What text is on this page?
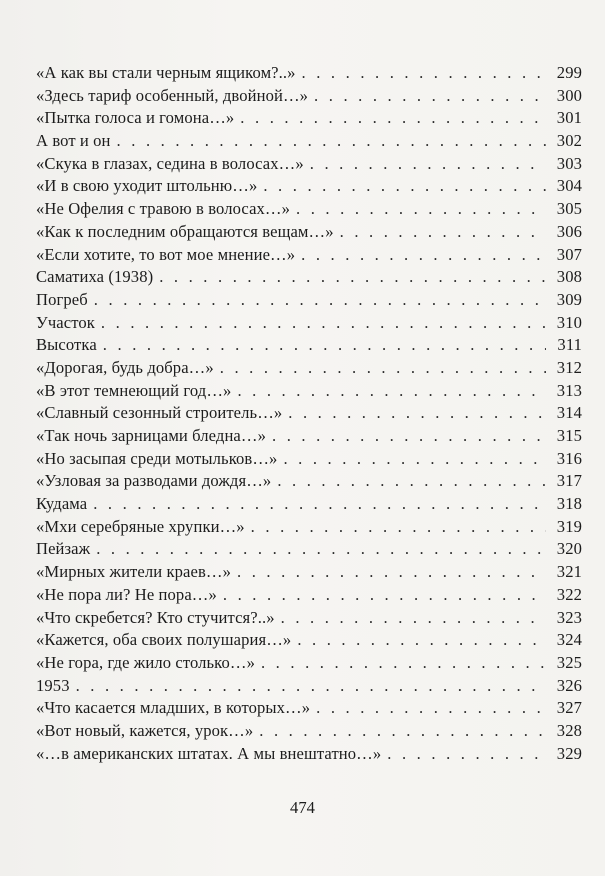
«А как вы стали черным ящиком?..» . . .	299
«Здесь тариф особенный, двойной…» . . .	300
«Пытка голоса и гомона…» . . .	301
А вот и он . . .	302
«Скука в глазах, седина в волосах…» . . .	303
«И в свою уходит штольню…» . . .	304
«Не Офелия с травою в волосах…» . . .	305
«Как к последним обращаются вещам…» . . .	306
«Если хотите, то вот мое мнение…» . . .	307
Саматиха (1938) . . .	308
Погреб . . .	309
Участок . . .	310
Высотка . . .	311
«Дорогая, будь добра…» . . .	312
«В этот темнеющий год…» . . .	313
«Славный сезонный строитель…» . . .	314
«Так ночь зарницами бледна…» . . .	315
«Но засыпая среди мотыльков…» . . .	316
«Узловая за разводами дождя…» . . .	317
Кудама . . .	318
«Мхи серебряные хрупки…» . . .	319
Пейзаж . . .	320
«Мирных жители краев…» . . .	321
«Не пора ли? Не пора…» . . .	322
«Что скребется? Кто стучится?..» . . .	323
«Кажется, оба своих полушария…» . . .	324
«Не гора, где жило столько…» . . .	325
1953 . . .	326
«Что касается младших, в которых…» . . .	327
«Вот новый, кажется, урок…» . . .	328
«…в американских штатах. А мы внештатно…» . . .	329
474
